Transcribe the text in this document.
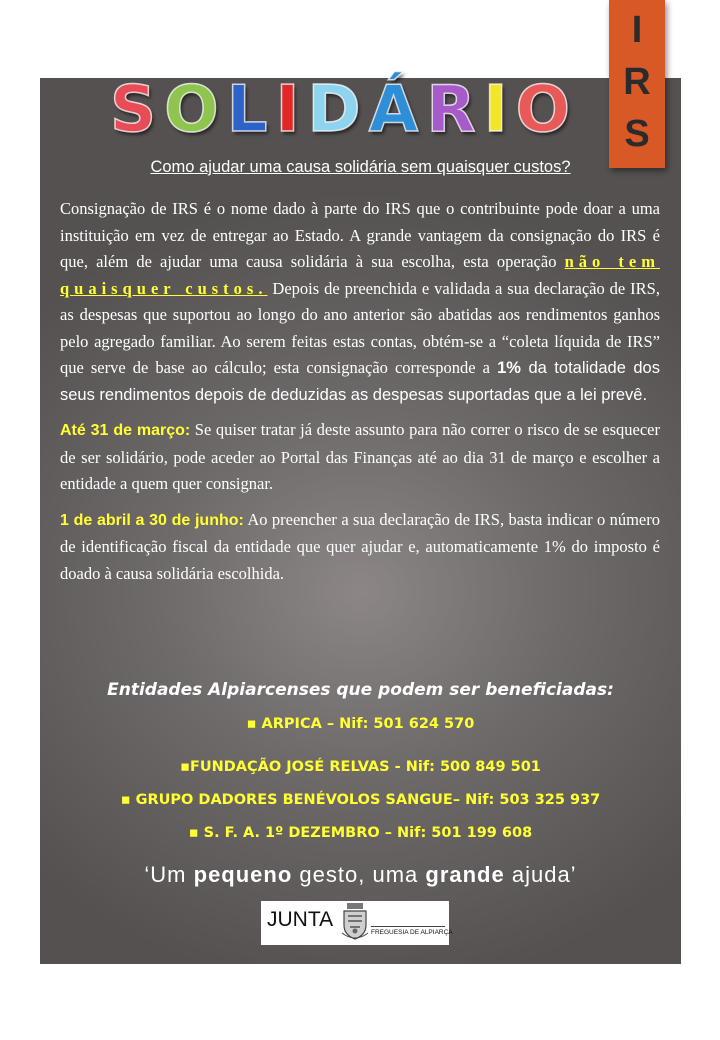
I
R
S
S O L I D Á R I O
Como ajudar uma causa solidária sem quaisquer custos?

Consignação de IRS é o nome dado à parte do IRS que o contribuinte pode doar a uma instituição em vez de entregar ao Estado. A grande vantagem da consignação do IRS é que, além de ajudar uma causa solidária à sua escolha, esta operação não tem quaisquer custos. Depois de preenchida e validada a sua declaração de IRS, as despesas que suportou ao longo do ano anterior são abatidas aos rendimentos ganhos pelo agregado familiar. Ao serem feitas estas contas, obtém-se a “coleta líquida de IRS” que serve de base ao cálculo; esta consignação corresponde a 1% da totalidade dos seus rendimentos depois de deduzidas as despesas suportadas que a lei prevê.

Até 31 de março: Se quiser tratar já deste assunto para não correr o risco de se esquecer de ser solidário, pode aceder ao Portal das Finanças até ao dia 31 de março e escolher a entidade a quem quer consignar.

1 de abril a 30 de junho: Ao preencher a sua declaração de IRS, basta indicar o número de identificação fiscal da entidade que quer ajudar e, automaticamente 1% do imposto é doado à causa solidária escolhida.

Entidades Alpiarcenses que podem ser beneficiadas:
▪ ARPICA – Nif: 501 624 570
▪FUNDAÇÃO JOSÉ RELVAS - Nif: 500 849 501
▪ GRUPO DADORES BENÉVOLOS SANGUE– Nif: 503 325 937
▪ S. F. A. 1º DEZEMBRO – Nif: 501 199 608
‘Um pequeno gesto, uma grande ajuda’
JUNTA
FREGUESIA DE ALPIARÇA
